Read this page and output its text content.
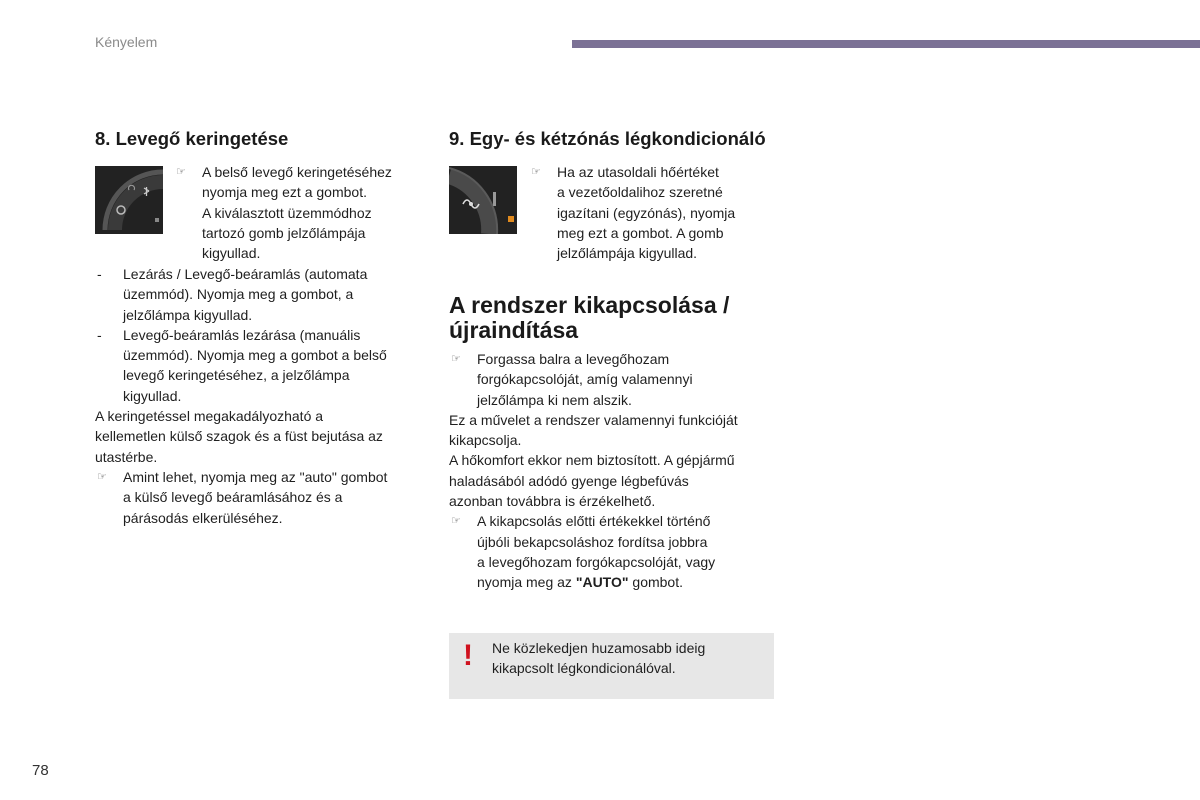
Kényelem
8. Levegő keringetése
☞ A belső levegő keringetéséhez
nyomja meg ezt a gombot.
A kiválasztott üzemmódhoz
tartozó gomb jelzőlámpája
kigyullad.
- Lezárás / Levegő-beáramlás (automata
üzemmód). Nyomja meg a gombot, a
jelzőlámpa kigyullad.
- Levegő-beáramlás lezárása (manuális
üzemmód). Nyomja meg a gombot a belső
levegő keringetéséhez, a jelzőlámpa
kigyullad.

A keringetéssel megakadályozható a
kellemetlen külső szagok és a füst bejutása az
utastérbe.

☞ Amint lehet, nyomja meg az "auto" gombot
a külső levegő beáramlásához és a
párásodás elkerüléséhez.
9. Egy- és kétzónás légkondicionáló
☞ Ha az utasoldali hőértéket
a vezetőoldalihoz szeretné
igazítani (egyzónás), nyomja
meg ezt a gombot. A gomb
jelzőlámpája kigyullad.
A rendszer kikapcsolása / újraindítása
☞ Forgassa balra a levegőhozam
forgókapcsolóját, amíg valamennyi
jelzőlámpa ki nem alszik.

Ez a művelet a rendszer valamennyi funkcióját
kikapcsolja.

A hőkomfort ekkor nem biztosított. A gépjármű
haladásából adódó gyenge légbefúvás
azonban továbbra is érzékelhető.

☞ A kikapcsolás előtti értékekkel történő
újbóli bekapcsoláshoz fordítsa jobbra
a levegőhozam forgókapcsolóját, vagy
nyomja meg az "AUTO" gombot.
! Ne közlekedjen huzamosabb ideig
kikapcsolt légkondicionálóval.
78
